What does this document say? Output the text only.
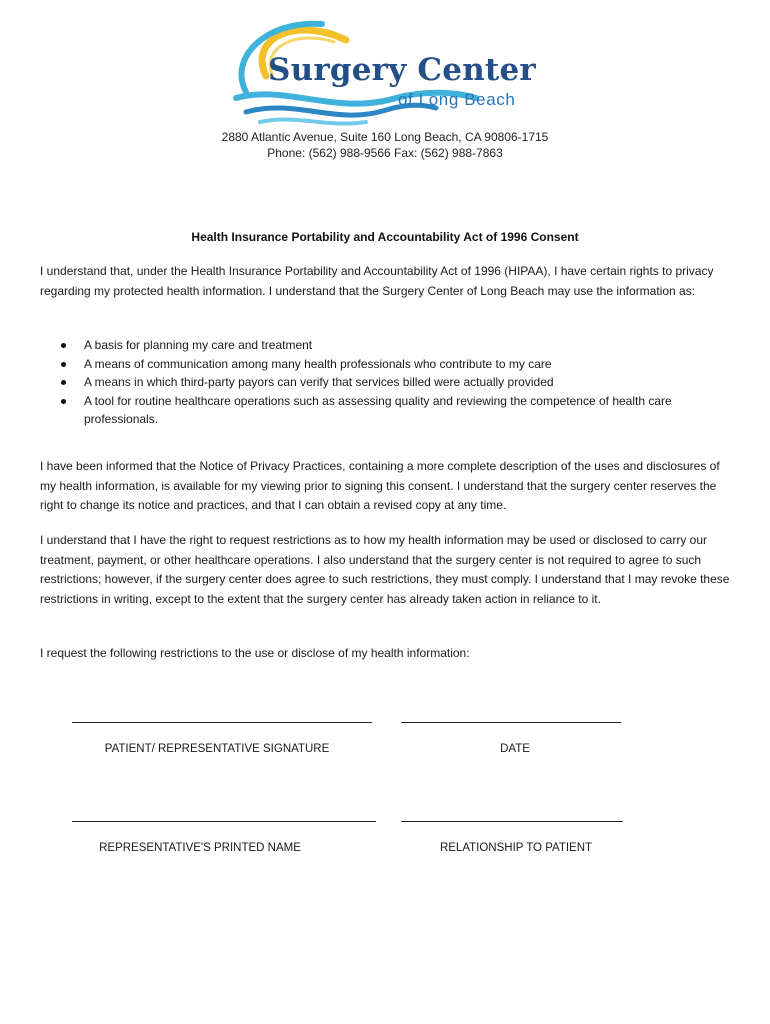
Surgery Center
of Long Beach
2880 Atlantic Avenue, Suite 160 Long Beach, CA 90806-1715
Phone: (562) 988-9566 Fax: (562) 988-7863
Health Insurance Portability and Accountability Act of 1996 Consent

I understand that, under the Health Insurance Portability and Accountability Act of 1996 (HIPAA), I have certain rights to privacy regarding my protected health information. I understand that the Surgery Center of Long Beach may use the information as:

A basis for planning my care and treatment
A means of communication among many health professionals who contribute to my care
A means in which third-party payors can verify that services billed were actually provided
A tool for routine healthcare operations such as assessing quality and reviewing the competence of health care professionals.

I have been informed that the Notice of Privacy Practices, containing a more complete description of the uses and disclosures of my health information, is available for my viewing prior to signing this consent. I understand that the surgery center reserves the right to change its notice and practices, and that I can obtain a revised copy at any time.

I understand that I have the right to request restrictions as to how my health information may be used or disclosed to carry our treatment, payment, or other healthcare operations. I also understand that the surgery center is not required to agree to such restrictions; however, if the surgery center does agree to such restrictions, they must comply. I understand that I may revoke these restrictions in writing, except to the extent that the surgery center has already taken action in reliance to it.

I request the following restrictions to the use or disclose of my health information:

PATIENT/ REPRESENTATIVE SIGNATURE	DATE
REPRESENTATIVE'S PRINTED NAME	RELATIONSHIP TO PATIENT
